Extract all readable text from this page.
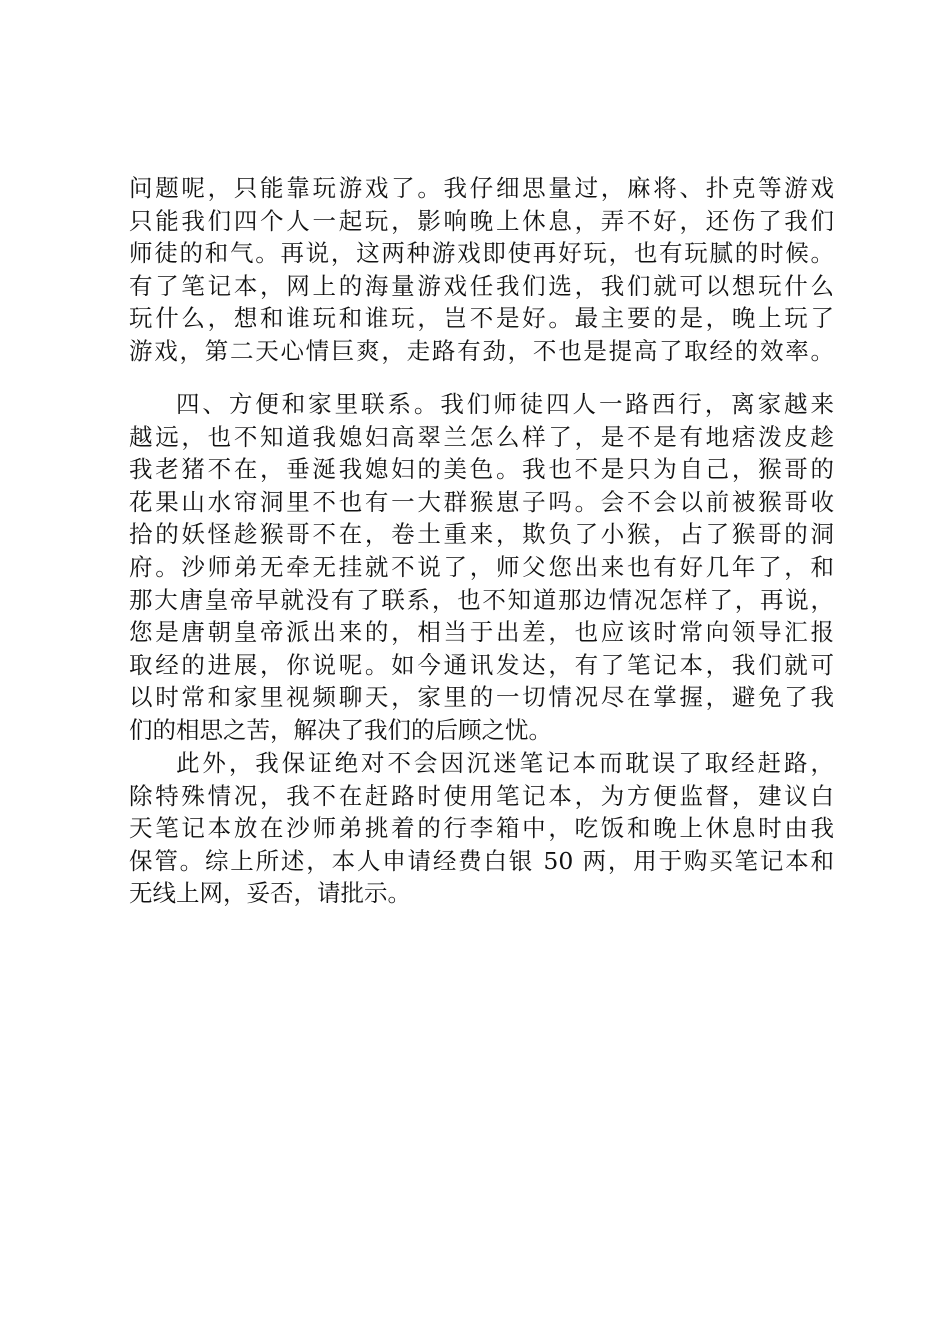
问题呢，只能靠玩游戏了。我仔细思量过，麻将、扑克等游戏
只能我们四个人一起玩，影响晚上休息，弄不好，还伤了我们
师徒的和气。再说，这两种游戏即使再好玩，也有玩腻的时候。
有了笔记本，网上的海量游戏任我们选，我们就可以想玩什么
玩什么，想和谁玩和谁玩，岂不是好。最主要的是，晚上玩了
游戏，第二天心情巨爽，走路有劲，不也是提高了取经的效率。
四、方便和家里联系。我们师徒四人一路西行，离家越来
越远，也不知道我媳妇高翠兰怎么样了，是不是有地痞泼皮趁
我老猪不在，垂涎我媳妇的美色。我也不是只为自己，猴哥的
花果山水帘洞里不也有一大群猴崽子吗。会不会以前被猴哥收
拾的妖怪趁猴哥不在，卷土重来，欺负了小猴，占了猴哥的洞
府。沙师弟无牵无挂就不说了，师父您出来也有好几年了，和
那大唐皇帝早就没有了联系，也不知道那边情况怎样了，再说，
您是唐朝皇帝派出来的，相当于出差，也应该时常向领导汇报
取经的进展，你说呢。如今通讯发达，有了笔记本，我们就可
以时常和家里视频聊天，家里的一切情况尽在掌握，避免了我
们的相思之苦，解决了我们的后顾之忧。
此外，我保证绝对不会因沉迷笔记本而耽误了取经赶路，
除特殊情况，我不在赶路时使用笔记本，为方便监督，建议白
天笔记本放在沙师弟挑着的行李箱中，吃饭和晚上休息时由我
保管。综上所述，本人申请经费白银 50 两，用于购买笔记本和
无线上网，妥否，请批示。
